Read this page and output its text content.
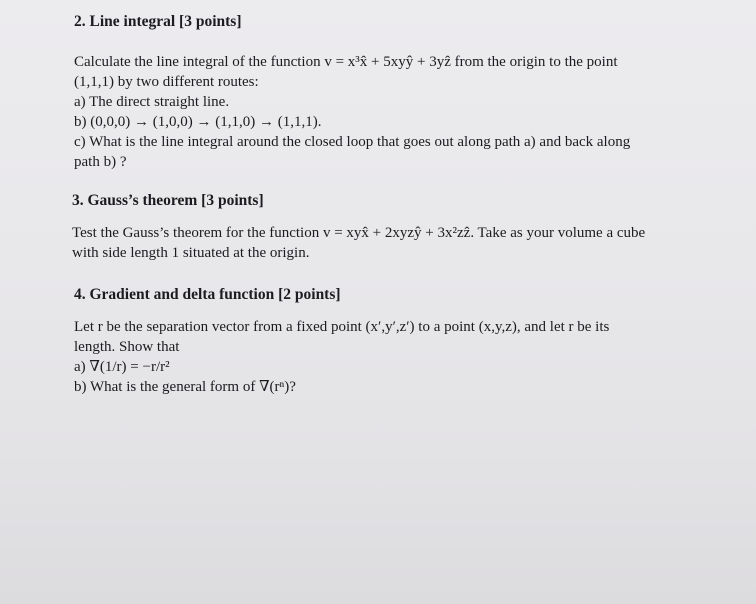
2. Line integral [3 points]

Calculate the line integral of the function v = x³x̂ + 5xyŷ + 3yẑ from the origin to the point

(1,1,1) by two different routes:

a) The direct straight line.

b) (0,0,0) → (1,0,0) → (1,1,0) → (1,1,1).

c) What is the line integral around the closed loop that goes out along path a) and back along

path b) ?

3. Gauss’s theorem [3 points]

Test the Gauss’s theorem for the function v = xyx̂ + 2xyzŷ + 3x²zẑ. Take as your volume a cube

with side length 1 situated at the origin.

4. Gradient and delta function [2 points]

Let r be the separation vector from a fixed point (x′,y′,z′) to a point (x,y,z), and let r be its

length. Show that

a) ∇(1/r) = −r/r²

b) What is the general form of ∇(rⁿ)?
